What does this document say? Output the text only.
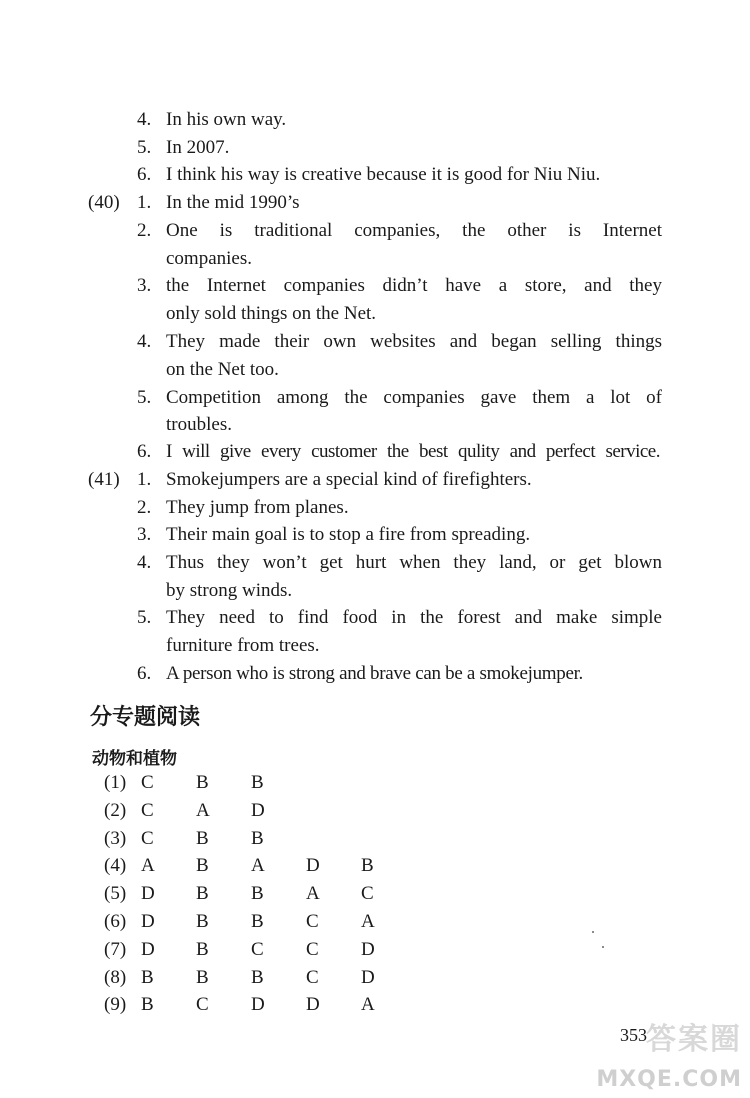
4. In his own way.
5. In 2007.
6. I think his way is creative because it is good for Niu Niu.
(40) 1. In the mid 1990’s
2. One is traditional companies, the other is Internet
companies.
3. the Internet companies didn’t have a store, and they
only sold things on the Net.
4. They made their own websites and began selling things
on the Net too.
5. Competition among the companies gave them a lot of
troubles.
6. I will give every customer the best qulity and perfect service.
(41) 1. Smokejumpers are a special kind of firefighters.
2. They jump from planes.
3. Their main goal is to stop a fire from spreading.
4. Thus they won’t get hurt when they land, or get blown
by strong winds.
5. They need to find food in the forest and make simple
furniture from trees.
6. A person who is strong and brave can be a smokejumper.
分专题阅读
动物和植物
(1) C	B	B
(2) C	A	D
(3) C	B	B
(4) A	B	A	D	B
(5) D	B	B	A	C
(6) D	B	B	C	A
(7) D	B	C	C	D
(8) B	B	B	C	D
(9) B	C	D	D	A
353 答案圈
MXQE.COM
